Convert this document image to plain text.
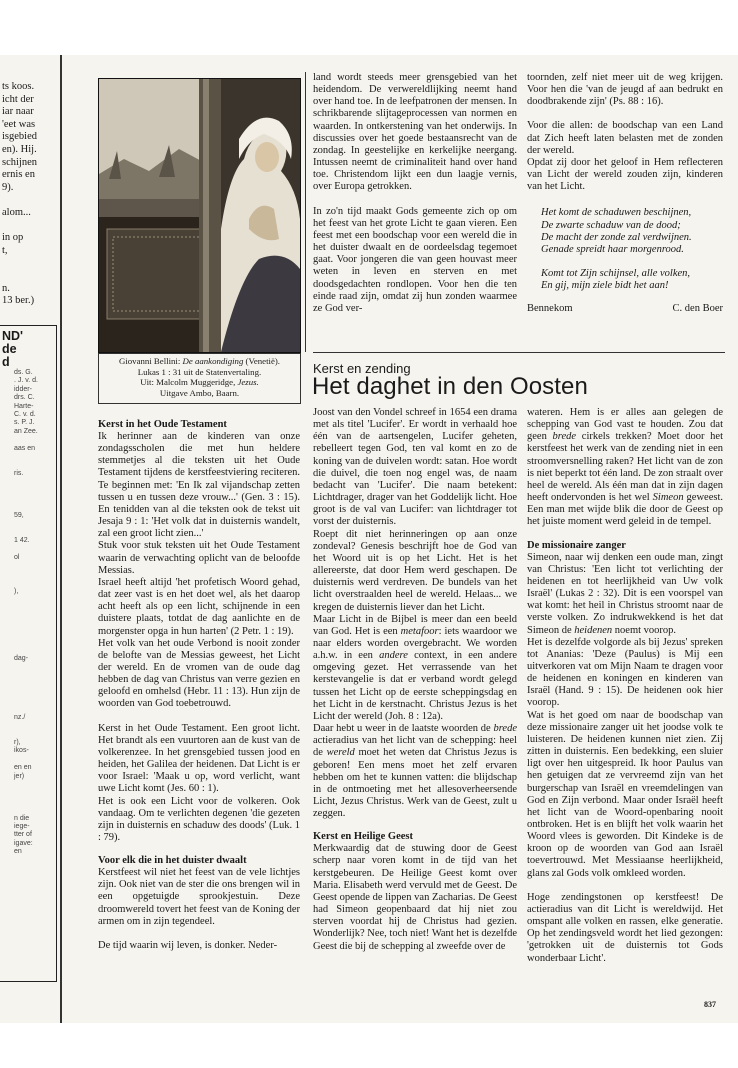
ts koos.
icht der
iar naar
'eet was
isgebied
en). Hij.
schijnen
ernis en
9).

alom...

in op
t,

n.
13 ber.)
ND'
de
d
ds. G.
. J. v. d.
idder-
drs. C.
Harte-
C. v. d.
s. P. J.
an Zee.

aas en

ris.

59,

1 42.

ol

),

dag-

nz./

r),
ikos-

en en
jer)

n die
iege-
tter of
igave:
en
Giovanni Bellini: De aankondiging (Venetië).
Lukas 1 : 31 uit de Statenvertaling.
Uit: Malcolm Muggeridge, Jezus.
Uitgave Ambo, Baarn.

land wordt steeds meer grensgebied van het heidendom. De verwereldlijking neemt hand over hand toe. In de leefpatronen der mensen. In schrikbarende slijtageprocessen van normen en waarden. In ontkerstening van het onderwijs. In discussies over het goede bestaansrecht van de zondag. In geestelijke en kerkelijke neergang. Intussen neemt de criminaliteit hand over hand toe. Christendom lijkt een dun laagje vernis, over Europa getrokken.

In zo'n tijd maakt Gods gemeente zich op om het feest van het grote Licht te gaan vieren. Een feest met een boodschap voor een wereld die in het duister dwaalt en de oordeelsdag tegemoet gaat. Voor jongeren die van geen houvast meer weten in leven en sterven en met doodsgedachten rondlopen. Voor hen die ten einde raad zijn, omdat zij hun zonden waarmee ze God ver-

toornden, zelf niet meer uit de weg krijgen. Voor hen die 'van de jeugd af aan bedrukt en doodbrakende zijn' (Ps. 88 : 16).

Voor die allen: de boodschap van een Land dat Zich heeft laten belasten met de zonden der wereld.

Opdat zij door het geloof in Hem reflecteren van Licht der wereld zouden zijn, kinderen van het Licht.

Het komt de schaduwen beschijnen,
De zwarte schaduw van de dood;
De macht der zonde zal verdwijnen.
Genade spreidt haar morgenrood.

Komt tot Zijn schijnsel, alle volken,
En gij, mijn ziele bidt het aan!
Bennekom	C. den Boer
Kerst en zending
Het daghet in den Oosten
Kerst in het Oude Testament

Ik herinner aan de kinderen van onze zondagsscholen die met hun heldere stemmetjes al die teksten uit het Oude Testament tijdens de kerstfeestviering reciteren. Te beginnen met: 'En Ik zal vijandschap zetten tussen u en tussen deze vrouw...' (Gen. 3 : 15). En tenidden van al die teksten ook de tekst uit Jesaja 9 : 1: 'Het volk dat in duisternis wandelt, zal een groot licht zien...'

Stuk voor stuk teksten uit het Oude Testament waarin de verwachting oplicht van de beloofde Messias.

Israel heeft altijd 'het profetisch Woord gehad, dat zeer vast is en het doet wel, als het daarop acht heeft als op een licht, schijnende in een duistere plaats, totdat de dag aanlichte en de morgenster opga in hun harten' (2 Petr. 1 : 19).

Het volk van het oude Verbond is nooit zonder de belofte van de Messias geweest, het Licht der wereld. En de vromen van de oude dag hebben de dag van Christus van verre gezien en geloofd en omhelsd (Hebr. 11 : 13). Hun zijn de woorden van God toebetrouwd.

Kerst in het Oude Testament. Een groot licht. Het brandt als een vuurtoren aan de kust van de volkerenzee. In het grensgebied tussen jood en heiden, het Galilea der heidenen. Dat Licht is er voor Israel: 'Maak u op, word verlicht, want uwe Licht komt (Jes. 60 : 1).

Het is ook een Licht voor de volkeren. Ook vandaag. Om te verlichten degenen 'die gezeten zijn in duisternis en schaduw des doods' (Luk. 1 : 79).

Voor elk die in het duister dwaalt

Kerstfeest wil niet het feest van de vele lichtjes zijn. Ook niet van de ster die ons brengen wil in een opgetuigde sprookjestuin. Deze droomwereld tovert het feest van de Koning der armen om in zijn tegendeel.

De tijd waarin wij leven, is donker. Neder-

Joost van den Vondel schreef in 1654 een drama met als titel 'Lucifer'. Er wordt in verhaald hoe één van de aartsengelen, Lucifer geheten, rebelleert tegen God, ten val komt en zo de koning van de duivelen wordt: satan. Hoe wordt die duivel, die toen nog engel was, de naam bedacht van 'Lucifer'. Die naam betekent: Lichtdrager, drager van het Goddelijk licht. Hoe groot is de val van Lucifer: van lichtdrager tot vorst der duisternis.

Roept dit niet herinneringen op aan onze zondeval? Genesis beschrijft hoe de God van het Woord uit is op het Licht. Het is het allereerste, dat door Hem werd geschapen. De duisternis werd verdreven. De bundels van het licht overstraalden heel de wereld. Helaas... we kregen de duisternis liever dan het Licht.

Maar Licht in de Bijbel is meer dan een beeld van God. Het is een metafoor: iets waardoor we naar elders worden overgebracht. We worden a.h.w. in een andere context, in een andere omgeving gezet. Het verrassende van het kerstevangelie is dat er verband wordt gelegd tussen het Licht op de eerste scheppingsdag en het Licht in de kerstnacht. Christus Jezus is het Licht der wereld (Joh. 8 : 12a).

Daar hebt u weer in de laatste woorden de brede actieradius van het licht van de schepping: heel de wereld moet het weten dat Christus Jezus is geboren! Een mens moet het zelf ervaren hebben om het te kunnen vatten: die blijdschap in de ontmoeting met het allesoverheersende Licht, Jezus Christus. Werk van de Geest, zult u zeggen.

Kerst en Heilige Geest

Merkwaardig dat de stuwing door de Geest scherp naar voren komt in de tijd van het kerstgebeuren. De Heilige Geest komt over Maria. Elisabeth werd vervuld met de Geest. De Geest opende de lippen van Zacharias. De Geest had Simeon geopenbaard dat hij niet zou sterven voordat hij de Christus had gezien. Wonderlijk? Nee, toch niet! Want het is dezelfde Geest die bij de schepping al zweefde over de

wateren. Hem is er alles aan gelegen de schepping van God vast te houden. Zou dat geen brede cirkels trekken? Moet door het kerstfeest het werk van de zending niet in een stroomversnelling raken? Het licht van de zon is niet beperkt tot één land. De zon straalt over heel de wereld. Als één man dat in zijn dagen heeft ondervonden is het wel Simeon geweest. Een man met wijde blik die door de Geest op het juiste moment werd geleid in de tempel.

De missionaire zanger

Simeon, naar wij denken een oude man, zingt van Christus: 'Een licht tot verlichting der heidenen en tot heerlijkheid van Uw volk Israël' (Lukas 2 : 32). Dit is een voorspel van wat komt: het heil in Christus stroomt naar de verste volken. Zo indrukwekkend is het dat Simeon de heidenen noemt voorop.

Het is dezelfde volgorde als bij Jezus' spreken tot Ananias: 'Deze (Paulus) is Mij een uitverkoren vat om Mijn Naam te dragen voor de heidenen en koningen en kinderen van Israël (Hand. 9 : 15). De heidenen ook hier voorop.

Wat is het goed om naar de boodschap van deze missionaire zanger uit het joodse volk te luisteren. De heidenen kunnen niet zien. Zij zitten in duisternis. Een bedekking, een sluier ligt over hen uitgespreid. Ik hoor Paulus van hen getuigen dat ze vervreemd zijn van het burgerschap van Israël en vreemdelingen van God en Zijn verbond. Maar onder Israël heeft het licht van de Woord-openbaring nooit ontbroken. Het is en blijft het volk waarin het Woord vlees is geworden. Dit Kindeke is de kroon op de woorden van God aan Israël toevertrouwd. Met Messiaanse heerlijkheid, glans zal Gods volk omkleed worden.

Hoge zendingstonen op kerstfeest! De actieradius van dit Licht is wereldwijd. Het omspant alle volken en rassen, elke generatie. Op het zendingsveld wordt het lied gezongen: 'getrokken uit de duisternis tot Gods wonderbaar Licht'.

837
